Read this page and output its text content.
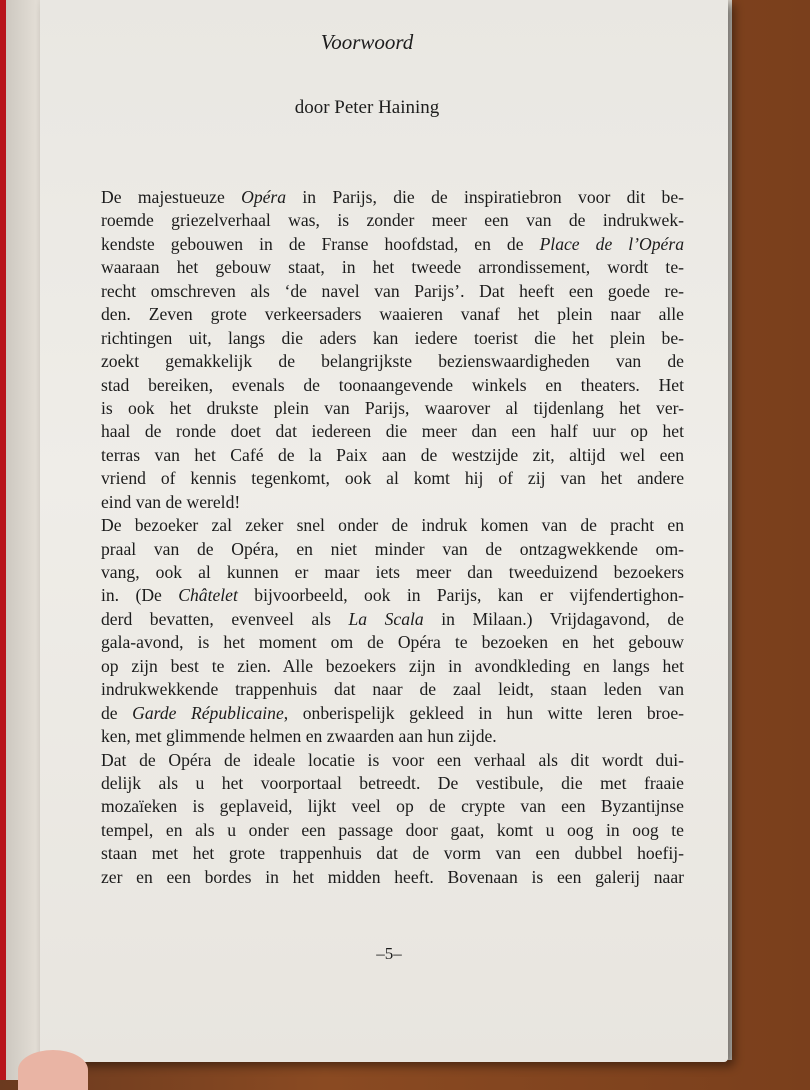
Voorwoord
door Peter Haining
De majestueuze Opéra in Parijs, die de inspiratiebron voor dit be-
roemde griezelverhaal was, is zonder meer een van de indrukwek-
kendste gebouwen in de Franse hoofdstad, en de Place de l’Opéra
waaraan het gebouw staat, in het tweede arrondissement, wordt te-
recht omschreven als ‘de navel van Parijs’. Dat heeft een goede re-
den. Zeven grote verkeersaders waaieren vanaf het plein naar alle
richtingen uit, langs die aders kan iedere toerist die het plein be-
zoekt gemakkelijk de belangrijkste bezienswaardigheden van de
stad bereiken, evenals de toonaangevende winkels en theaters. Het
is ook het drukste plein van Parijs, waarover al tijdenlang het ver-
haal de ronde doet dat iedereen die meer dan een half uur op het
terras van het Café de la Paix aan de westzijde zit, altijd wel een
vriend of kennis tegenkomt, ook al komt hij of zij van het andere
eind van de wereld!
De bezoeker zal zeker snel onder de indruk komen van de pracht en
praal van de Opéra, en niet minder van de ontzagwekkende om-
vang, ook al kunnen er maar iets meer dan tweeduizend bezoekers
in. (De Châtelet bijvoorbeeld, ook in Parijs, kan er vijfendertighon-
derd bevatten, evenveel als La Scala in Milaan.) Vrijdagavond, de
gala-avond, is het moment om de Opéra te bezoeken en het gebouw
op zijn best te zien. Alle bezoekers zijn in avondkleding en langs het
indrukwekkende trappenhuis dat naar de zaal leidt, staan leden van
de Garde Républicaine, onberispelijk gekleed in hun witte leren broe-
ken, met glimmende helmen en zwaarden aan hun zijde.
Dat de Opéra de ideale locatie is voor een verhaal als dit wordt dui-
delijk als u het voorportaal betreedt. De vestibule, die met fraaie
mozaïeken is geplaveid, lijkt veel op de crypte van een Byzantijnse
tempel, en als u onder een passage door gaat, komt u oog in oog te
staan met het grote trappenhuis dat de vorm van een dubbel hoefij-
zer en een bordes in het midden heeft. Bovenaan is een galerij naar
–5–
